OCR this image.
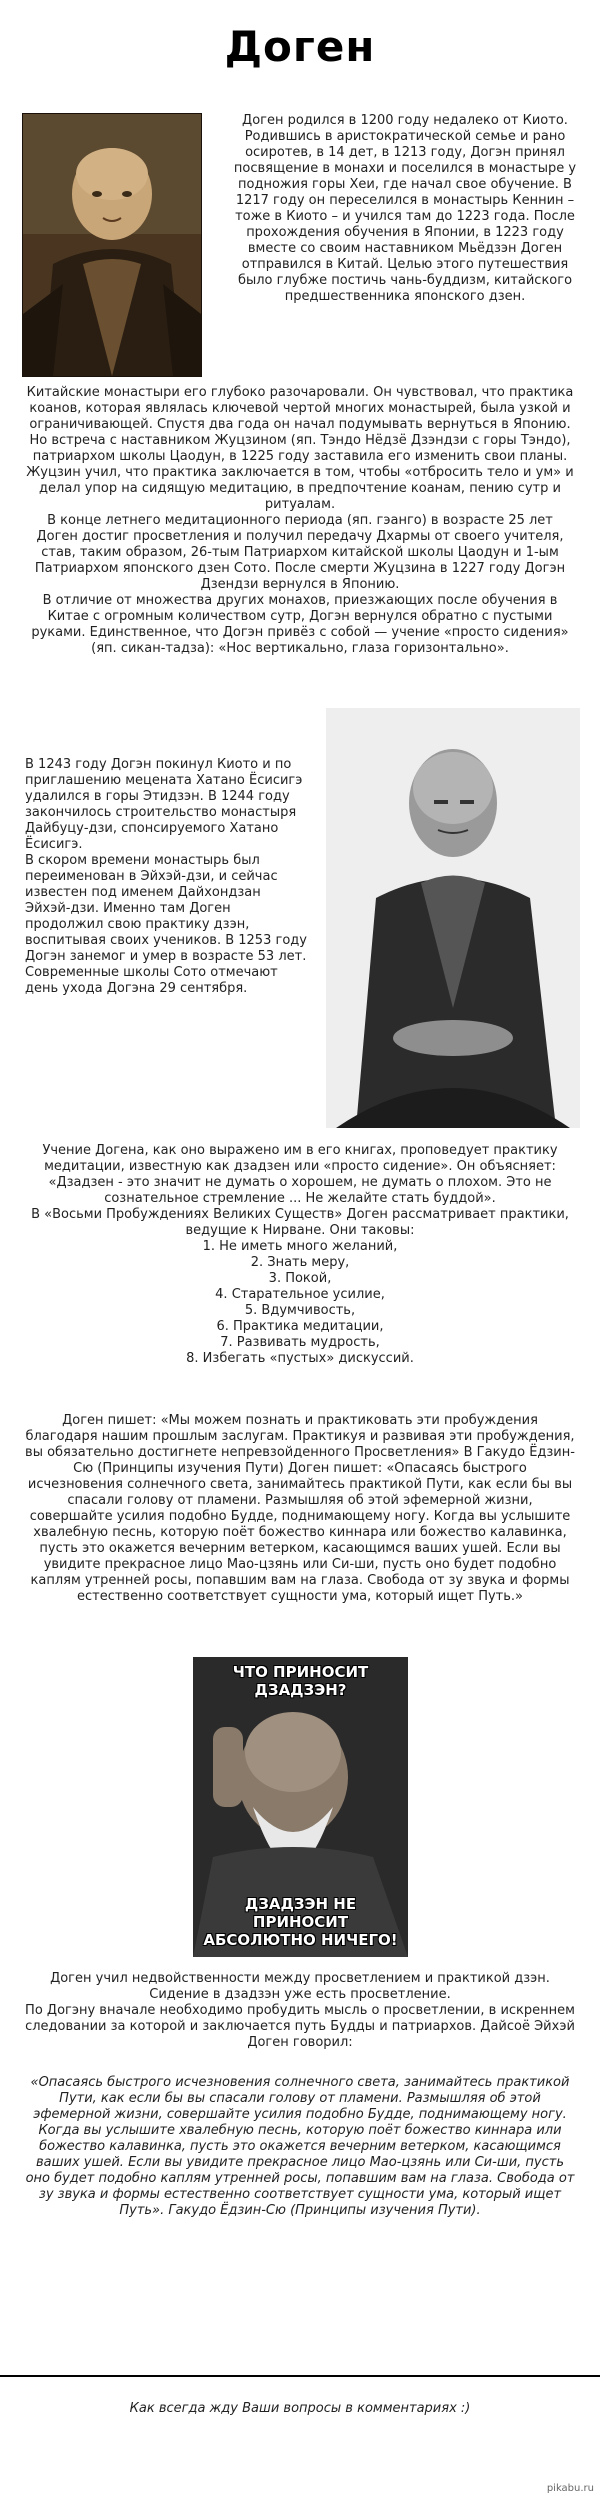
Доген

Доген родился в 1200 году недалеко от Киото. Родившись в аристократической семье и рано осиротев, в 14 дет, в 1213 году, Догэн принял посвящение в монахи и поселился в монастыре у подножия горы Хеи, где начал свое обучение. В 1217 году он переселился в монастырь Кеннин – тоже в Киото – и учился там до 1223 года. После прохождения обучения в Японии, в 1223 году вместе со своим наставником Мьёдзэн Доген отправился в Китай. Целью этого путешествия было глубже постичь чань-буддизм, китайского предшественника японского дзен.

Китайские монастыри его глубоко разочаровали. Он чувствовал, что практика коанов, которая являлась ключевой чертой многих монастырей, была узкой и ограничивающей. Спустя два года он начал подумывать вернуться в Японию. Но встреча с наставником Жуцзином (яп. Тэндо Нёдзё Дзэндзи с горы Тэндо), патриархом школы Цаодун, в 1225 году заставила его изменить свои планы. Жуцзин учил, что практика заключается в том, чтобы «отбросить тело и ум» и делал упор на сидящую медитацию, в предпочтение коанам, пению сутр и ритуалам.

В конце летнего медитационного периода (яп. гэанго) в возрасте 25 лет Доген достиг просветления и получил передачу Дхармы от своего учителя, став, таким образом, 26-тым Патриархом китайской школы Цаодун и 1-ым Патриархом японского дзен Сото. После смерти Жуцзина в 1227 году Догэн Дзендзи вернулся в Японию.

В отличие от множества других монахов, приезжающих после обучения в Китае с огромным количеством сутр, Догэн вернулся обратно с пустыми руками. Единственное, что Догэн привёз с собой — учение «просто сидения» (яп. сикан-тадза): «Нос вертикально, глаза горизонтально».

В 1243 году Догэн покинул Киото и по приглашению мецената Хатано Ёсисигэ удалился в горы Этидзэн. В 1244 году закончилось строительство монастыря Дайбуцу-дзи, спонсируемого Хатано Ёсисигэ.

В скором времени монастырь был переименован в Эйхэй-дзи, и сейчас известен под именем Дайхондзан Эйхэй-дзи. Именно там Доген продолжил свою практику дзэн, воспитывая своих учеников. В 1253 году Догэн занемог и умер в возрасте 53 лет. Современные школы Сото отмечают день ухода Догэна 29 сентября.

Учение Догена, как оно выражено им в его книгах, проповедует практику медитации, известную как дзадзен или «просто сидение». Он объясняет: «Дзадзен - это значит не думать о хорошем, не думать о плохом. Это не сознательное стремление ... Не желайте стать буддой».

В «Восьми Пробуждениях Великих Существ» Доген рассматривает практики, ведущие к Нирване. Они таковы:

1. Не иметь много желаний,

2. Знать меру,

3. Покой,

4. Старательное усилие,

5. Вдумчивость,

6. Практика медитации,

7. Развивать мудрость,

8. Избегать «пустых» дискуссий.

Доген пишет: «Мы можем познать и практиковать эти пробуждения благодаря нашим прошлым заслугам. Практикуя и развивая эти пробуждения, вы обязательно достигнете непревзойденного Просветления» В Гакудо Ёдзин-Сю (Принципы изучения Пути) Доген пишет: «Опасаясь быстрого исчезновения солнечного света, занимайтесь практикой Пути, как если бы вы спасали голову от пламени. Размышляя об этой эфемерной жизни, совершайте усилия подобно Будде, поднимающему ногу. Когда вы услышите хвалебную песнь, которую поёт божество киннара или божество калавинка, пусть это окажется вечерним ветерком, касающимся ваших ушей. Если вы увидите прекрасное лицо Мао-цзянь или Си-ши, пусть оно будет подобно каплям утренней росы, попавшим вам на глаза. Свобода от зу звука и формы естественно соответствует сущности ума, который ищет Путь.»

ЧТО ПРИНОСИТ ДЗАДЗЭН?
ДЗАДЗЭН НЕ ПРИНОСИТ АБСОЛЮТНО НИЧЕГО!

Доген учил недвойственности между просветлением и практикой дзэн. Сидение в дзадзэн уже есть просветление.

По Догэну вначале необходимо пробудить мысль о просветлении, в искреннем следовании за которой и заключается путь Будды и патриархов. Дайсоё Эйхэй Доген говорил:

«Опасаясь быстрого исчезновения солнечного света, занимайтесь практикой Пути, как если бы вы спасали голову от пламени. Размышляя об этой эфемерной жизни, совершайте усилия подобно Будде, поднимающему ногу. Когда вы услышите хвалебную песнь, которую поёт божество киннара или божество калавинка, пусть это окажется вечерним ветерком, касающимся ваших ушей. Если вы увидите прекрасное лицо Мао-цзянь или Си-ши, пусть оно будет подобно каплям утренней росы, попавшим вам на глаза. Свобода от зу звука и формы естественно соответствует сущности ума, который ищет Путь». Гакудо Ёдзин-Сю (Принципы изучения Пути).

Как всегда жду Ваши вопросы в комментариях :)
pikabu.ru
